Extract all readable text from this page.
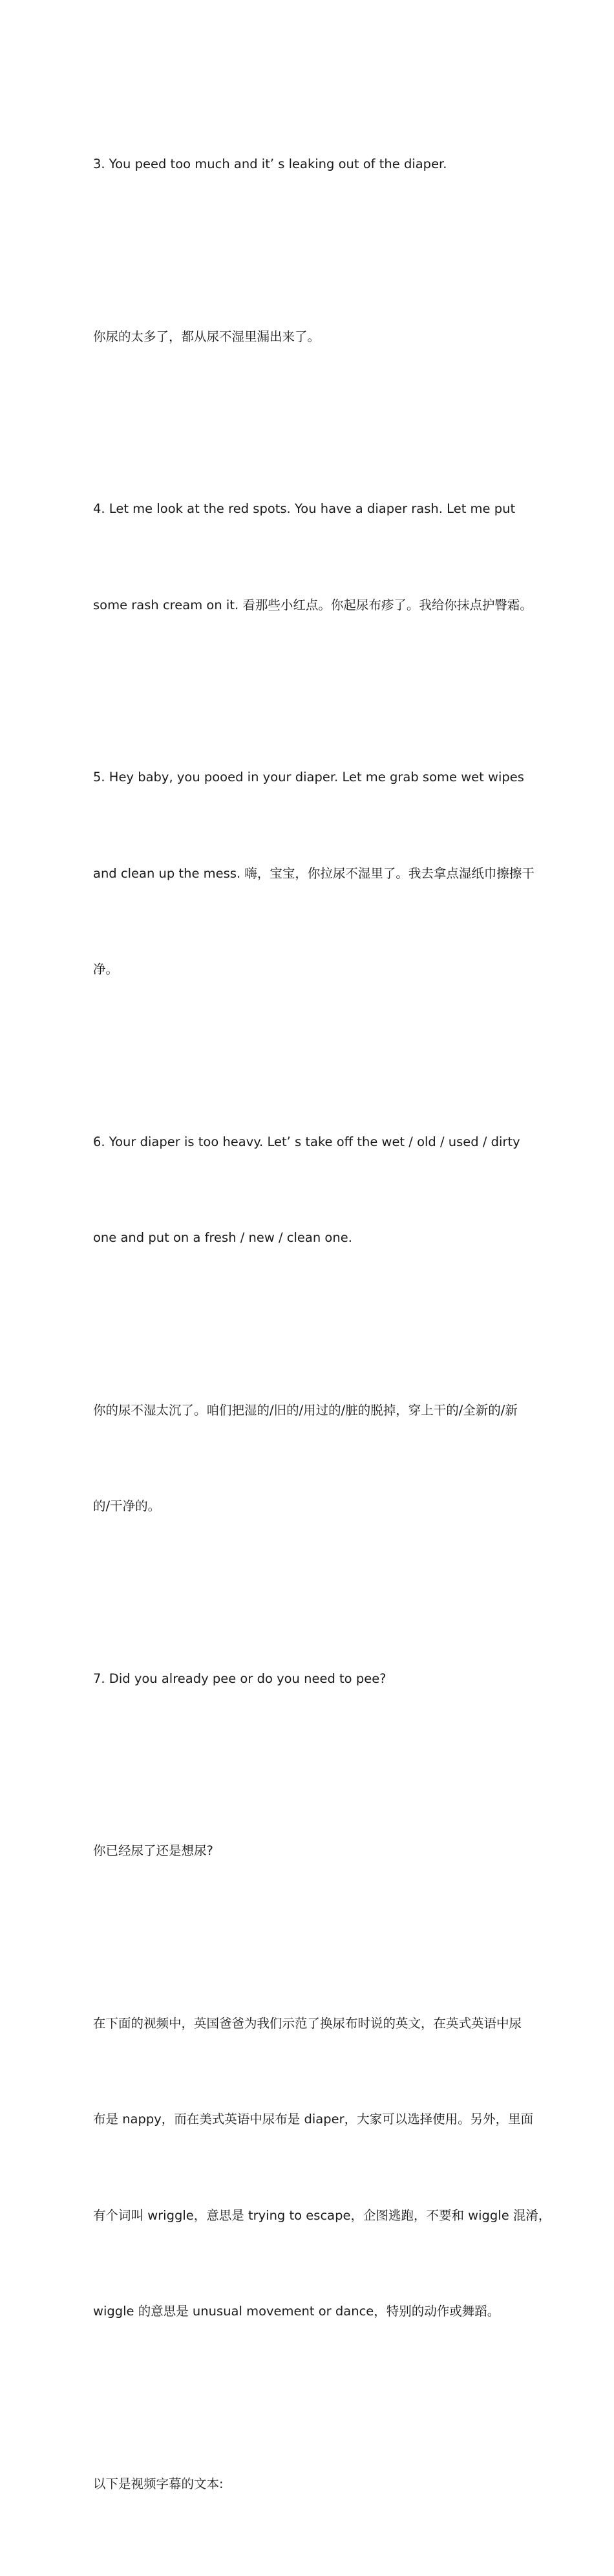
3. You peed too much and it’ s leaking out of the diaper.

你尿的太多了，都从尿不湿里漏出来了。

4. Let me look at the red spots. You have a diaper rash. Let me put

some rash cream on it. 看那些小红点。你起尿布疹了。我给你抹点护臀霜。

5. Hey baby, you pooed in your diaper. Let me grab some wet wipes

and clean up the mess. 嗨，宝宝，你拉尿不湿里了。我去拿点湿纸巾擦擦干

净。

6. Your diaper is too heavy. Let’ s take off the wet / old / used / dirty

one and put on a fresh / new / clean one.

你的尿不湿太沉了。咱们把湿的/旧的/用过的/脏的脱掉，穿上干的/全新的/新

的/干净的。

7. Did you already pee or do you need to pee?

你已经尿了还是想尿?

在下面的视频中，英国爸爸为我们示范了换尿布时说的英文，在英式英语中尿

布是 nappy，而在美式英语中尿布是 diaper，大家可以选择使用。另外，里面

有个词叫 wriggle，意思是 trying to escape，企图逃跑，不要和 wiggle 混淆，

wiggle 的意思是 unusual movement or dance，特别的动作或舞蹈。

以下是视频字幕的文本:
